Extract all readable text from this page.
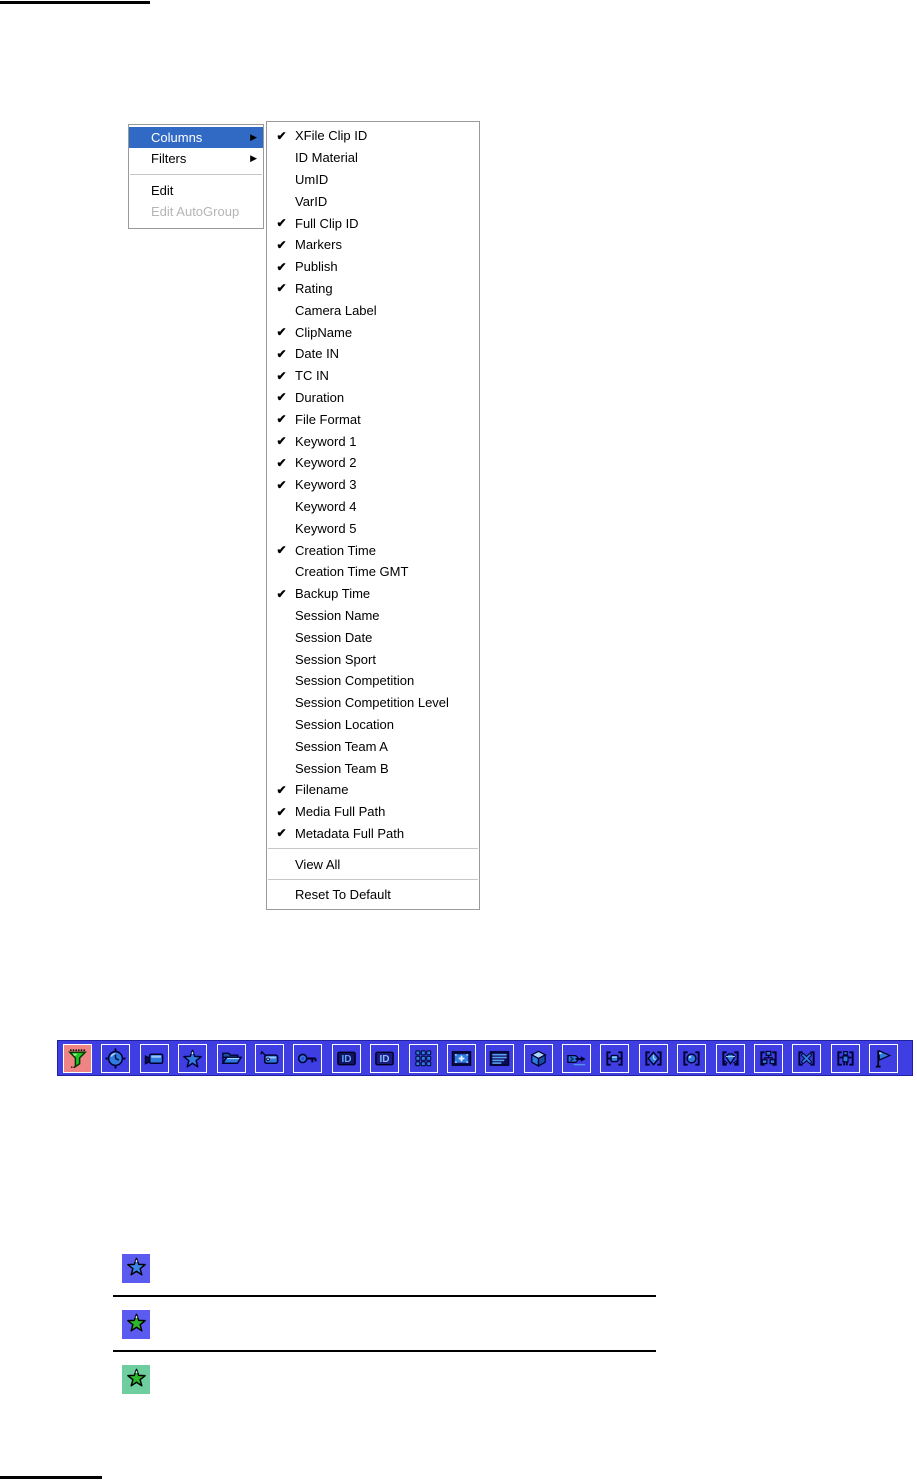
Columns	▶
Filters	▶
Edit
Edit AutoGroup
✔ XFile Clip ID
ID Material
UmID
VarID
✔ Full Clip ID
✔ Markers
✔ Publish
✔ Rating
Camera Label
✔ ClipName
✔ Date IN
✔ TC IN
✔ Duration
✔ File Format
✔ Keyword 1
✔ Keyword 2
✔ Keyword 3
Keyword 4
Keyword 5
✔ Creation Time
Creation Time GMT
✔ Backup Time
Session Name
Session Date
Session Sport
Session Competition
Session Competition Level
Session Location
Session Team A
Session Team B
✔ Filename
✔ Media Full Path
✔ Metadata Full Path
View All
Reset To Default
ID	ID
